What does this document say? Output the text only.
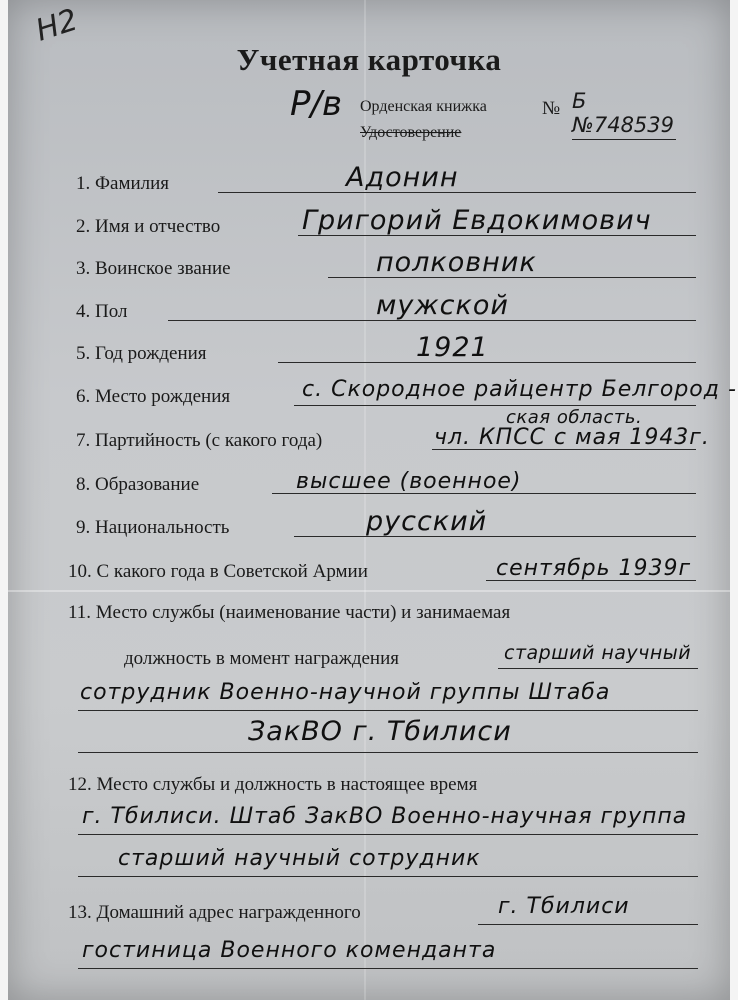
Н2
Учетная карточка
Р/в Орденская книжка
Удостоверение
№ Б №748539
1. Фамилия	Адонин
2. Имя и отчество	Григорий Евдокимович
3. Воинское звание	полковник
4. Пол	мужской
5. Год рождения	1921
6. Место рождения	с. Скородное райцентр Белгород -
ская область.
7. Партийность (с какого года)	чл. КПСС с мая 1943г.
8. Образование	высшее (военное)
9. Национальность	русский
10. С какого года в Советской Армии	сентябрь 1939г
11. Место службы (наименование части) и занимаемая
должность в момент награждения	старший научный
сотрудник Военно-научной группы Штаба
ЗакВО г. Тбилиси
12. Место службы и должность в настоящее время
г. Тбилиси. Штаб ЗакВО Военно-научная группа
старший научный сотрудник
13. Домашний адрес награжденного	г. Тбилиси
гостиница Военного коменданта
